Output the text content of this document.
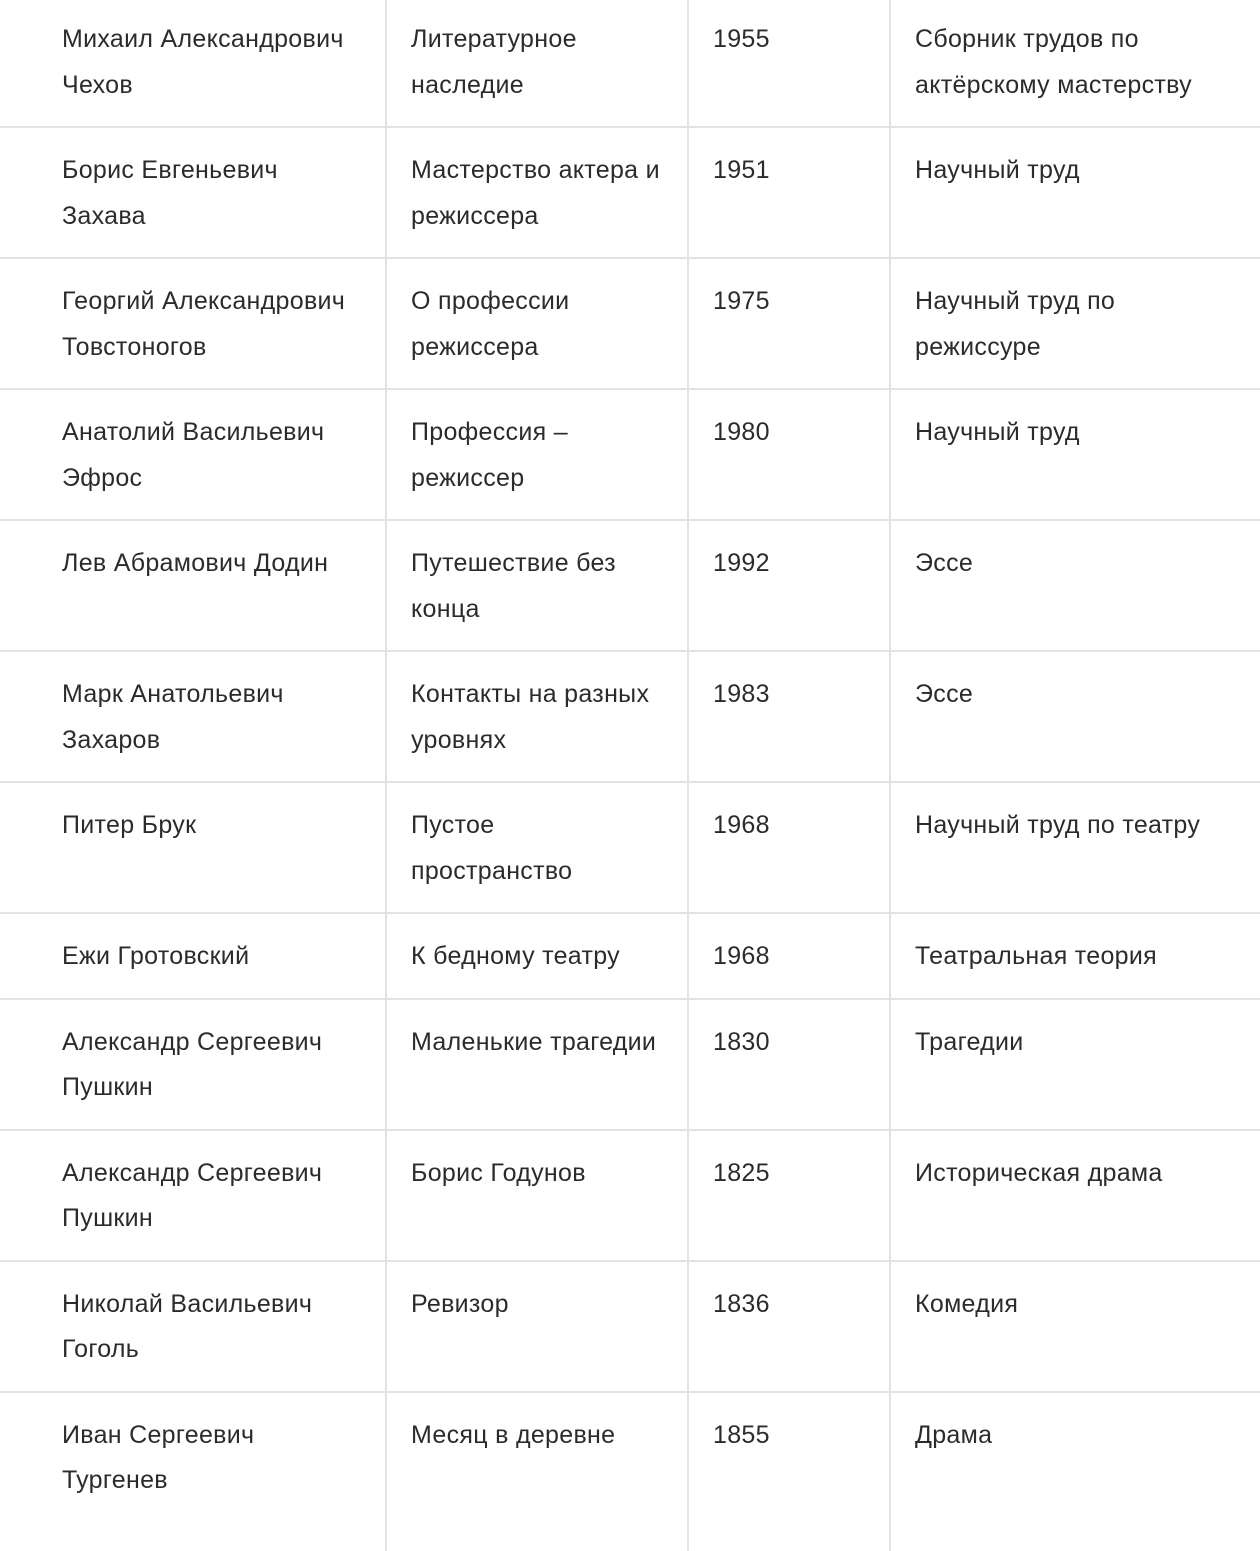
Михаил Александрович Чехов	Литературное наследие	1955	Сборник трудов по актёрскому мастерству
Борис Евгеньевич Захава	Мастерство актера и режиссера	1951	Научный труд
Георгий Александрович Товстоногов	О профессии режиссера	1975	Научный труд по режиссуре
Анатолий Васильевич Эфрос	Профессия – режиссер	1980	Научный труд
Лев Абрамович Додин	Путешествие без конца	1992	Эссе
Марк Анатольевич Захаров	Контакты на разных уровнях	1983	Эссе
Питер Брук	Пустое пространство	1968	Научный труд по театру
Ежи Гротовский	К бедному театру	1968	Театральная теория
Александр Сергеевич Пушкин	Маленькие трагедии	1830	Трагедии
Александр Сергеевич Пушкин	Борис Годунов	1825	Историческая драма
Николай Васильевич Гоголь	Ревизор	1836	Комедия
Иван Сергеевич Тургенев	Месяц в деревне	1855	Драма
